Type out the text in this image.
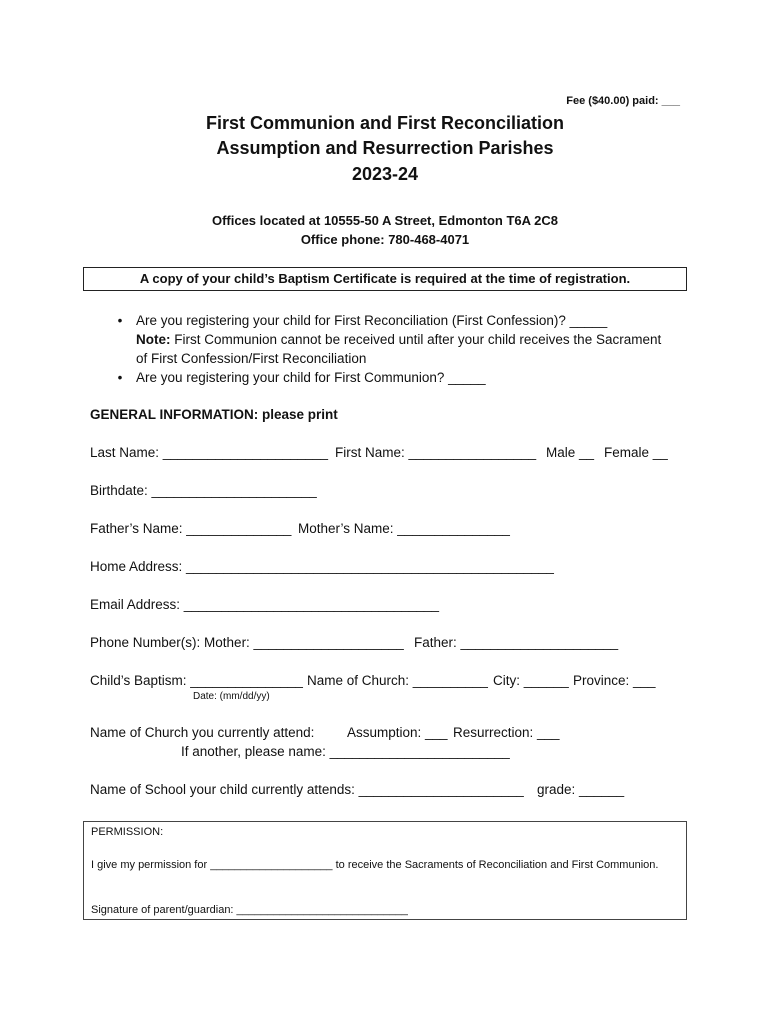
Fee ($40.00) paid: ___
First Communion and First Reconciliation
Assumption and Resurrection Parishes
2023-24
Offices located at 10555-50 A Street, Edmonton T6A 2C8
Office phone: 780-468-4071
A copy of your child’s Baptism Certificate is required at the time of registration.
•	Are you registering your child for First Reconciliation (First Confession)? _____
Note: First Communion cannot be received until after your child receives the Sacrament
of First Confession/First Reconciliation
•	Are you registering your child for First Communion? _____
GENERAL INFORMATION: please print
Last Name: ______________________ First Name: _________________ Male __ Female __
Birthdate: ______________________
Father’s Name: ______________ Mother’s Name: _______________
Home Address: _________________________________________________
Email Address: __________________________________
Phone Number(s): Mother: ____________________ Father: _____________________
Child’s Baptism: _______________ Name of Church: __________ City: ______ Province: ___
Date: (mm/dd/yy)
Name of Church you currently attend: Assumption: ___ Resurrection: ___
If another, please name: ________________________
Name of School your child currently attends: ______________________ grade: ______
PERMISSION:
I give my permission for ____________________ to receive the Sacraments of Reconciliation and First Communion.
Signature of parent/guardian: ____________________________
